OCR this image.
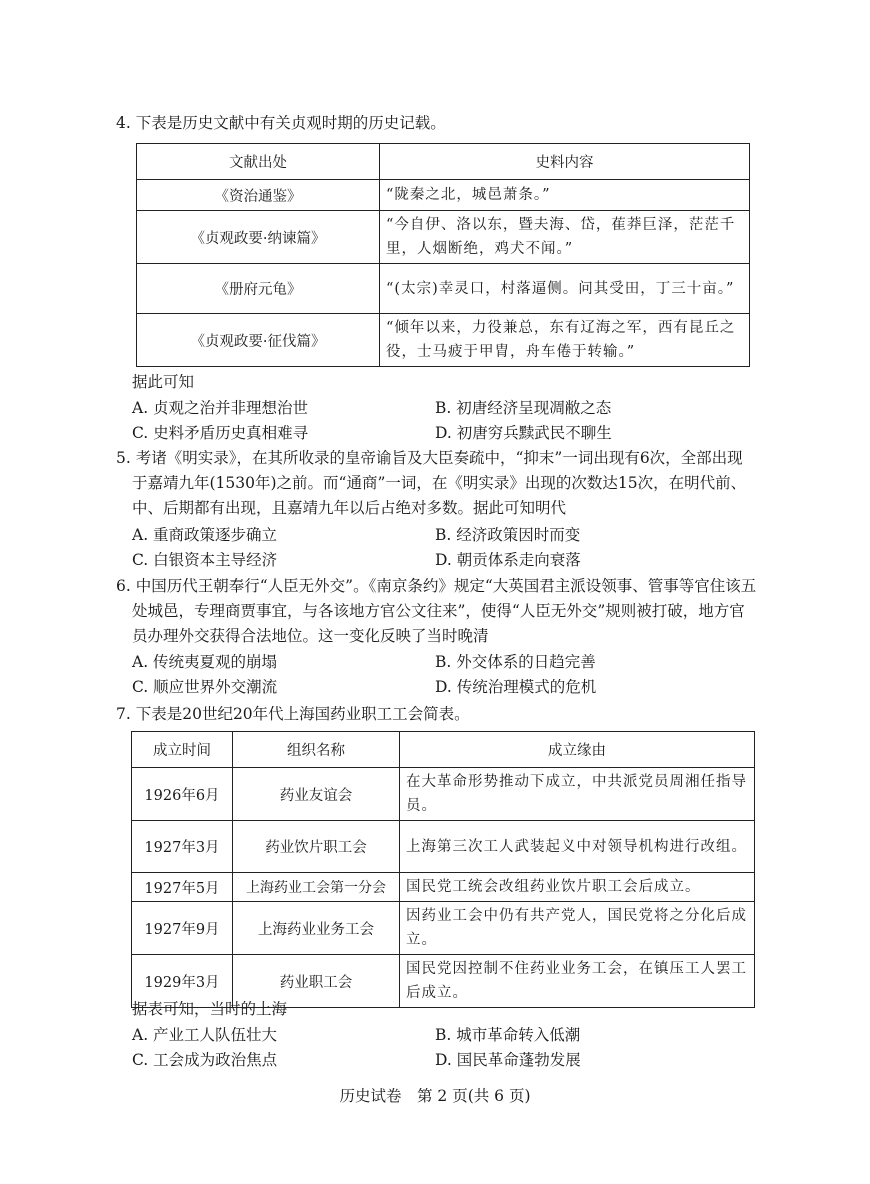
4. 下表是历史文献中有关贞观时期的历史记载。

文献出处	史料内容
《资治通鉴》	“陇秦之北，城邑萧条。”
《贞观政要·纳谏篇》	“今自伊、洛以东，暨夫海、岱，萑莽巨泽，茫茫千里，人烟断绝，鸡犬不闻。”
《册府元龟》	“(太宗)幸灵口，村落逼侧。问其受田，丁三十亩。”
《贞观政要·征伐篇》	“倾年以来，力役兼总，东有辽海之军，西有昆丘之役，士马疲于甲胄，舟车倦于转输。”
据此可知
A. 贞观之治并非理想治世	B. 初唐经济呈现凋敝之态
C. 史料矛盾历史真相难寻	D. 初唐穷兵黩武民不聊生

5. 考诸《明实录》，在其所收录的皇帝谕旨及大臣奏疏中，“抑末”一词出现有6次，全部出现于嘉靖九年(1530年)之前。而“通商”一词，在《明实录》出现的次数达15次，在明代前、中、后期都有出现，且嘉靖九年以后占绝对多数。据此可知明代

A. 重商政策逐步确立	B. 经济政策因时而变
C. 白银资本主导经济	D. 朝贡体系走向衰落

6. 中国历代王朝奉行“人臣无外交”。《南京条约》规定“大英国君主派设领事、管事等官住该五处城邑，专理商贾事宜，与各该地方官公文往来”，使得“人臣无外交”规则被打破，地方官员办理外交获得合法地位。这一变化反映了当时晚清

A. 传统夷夏观的崩塌	B. 外交体系的日趋完善
C. 顺应世界外交潮流	D. 传统治理模式的危机

7. 下表是20世纪20年代上海国药业职工工会简表。

成立时间	组织名称	成立缘由
1926年6月	药业友谊会	在大革命形势推动下成立，中共派党员周湘任指导员。
1927年3月	药业饮片职工会	上海第三次工人武装起义中对领导机构进行改组。
1927年5月	上海药业工会第一分会	国民党工统会改组药业饮片职工会后成立。
1927年9月	上海药业业务工会	因药业工会中仍有共产党人，国民党将之分化后成立。
1929年3月	药业职工会	国民党因控制不住药业业务工会，在镇压工人罢工后成立。
据表可知，当时的上海
A. 产业工人队伍壮大	B. 城市革命转入低潮
C. 工会成为政治焦点	D. 国民革命蓬勃发展
历史试卷　第 2 页(共 6 页)
